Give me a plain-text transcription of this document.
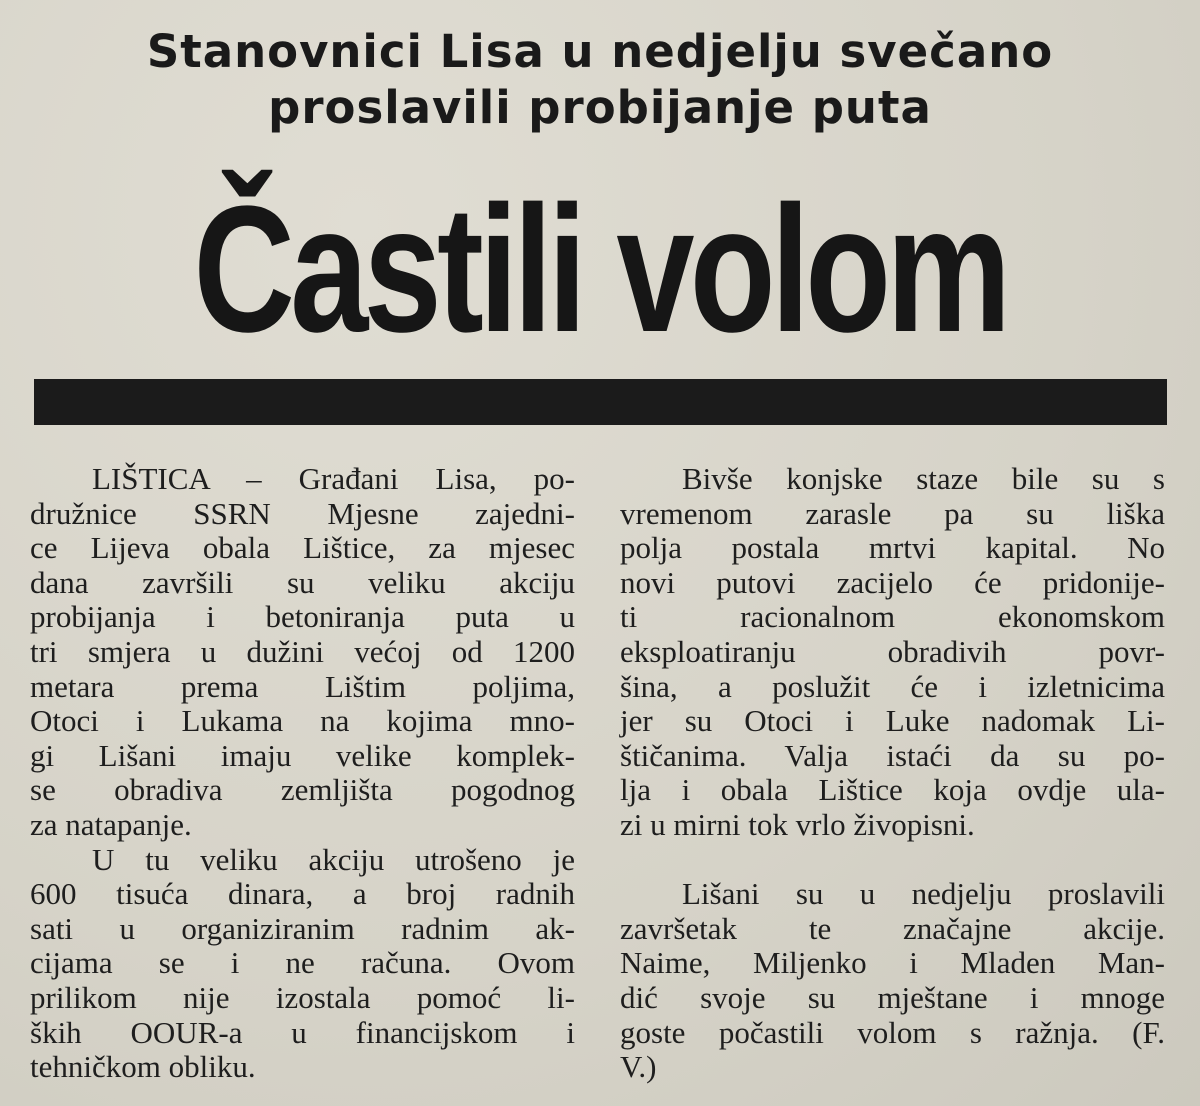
Stanovnici Lisa u nedjelju svečano
proslavili probijanje puta
Častili volom
  LIŠTICA – Građani Lisa, po-
družnice SSRN Mjesne zajedni-
ce Lijeva obala Lištice, za mjesec
dana završili su veliku akciju
probijanja i betoniranja puta u
tri smjera u dužini većoj od 1200
metara prema Lištim poljima,
Otoci i Lukama na kojima mno-
gi Lišani imaju velike komplek-
se obradiva zemljišta pogodnog
za natapanje.
  U tu veliku akciju utrošeno je
600 tisuća dinara, a broj radnih
sati u organiziranim radnim ak-
cijama se i ne računa. Ovom
prilikom nije izostala pomoć li-
ških OOUR-a u financijskom i
tehničkom obliku.
  Bivše konjske staze bile su s
vremenom zarasle pa su liška
polja postala mrtvi kapital. No
novi putovi zacijelo će pridonije-
ti racionalnom ekonomskom
eksploatiranju obradivih povr-
šina, a poslužit će i izletnicima
jer su Otoci i Luke nadomak Li-
štičanima. Valja istaći da su po-
lja i obala Lištice koja ovdje ula-
zi u mirni tok vrlo živopisni.
  Lišani su u nedjelju proslavili
završetak te značajne akcije.
Naime, Miljenko i Mladen Man-
dić svoje su mještane i mnoge
goste počastili volom s ražnja. (F.
V.)
